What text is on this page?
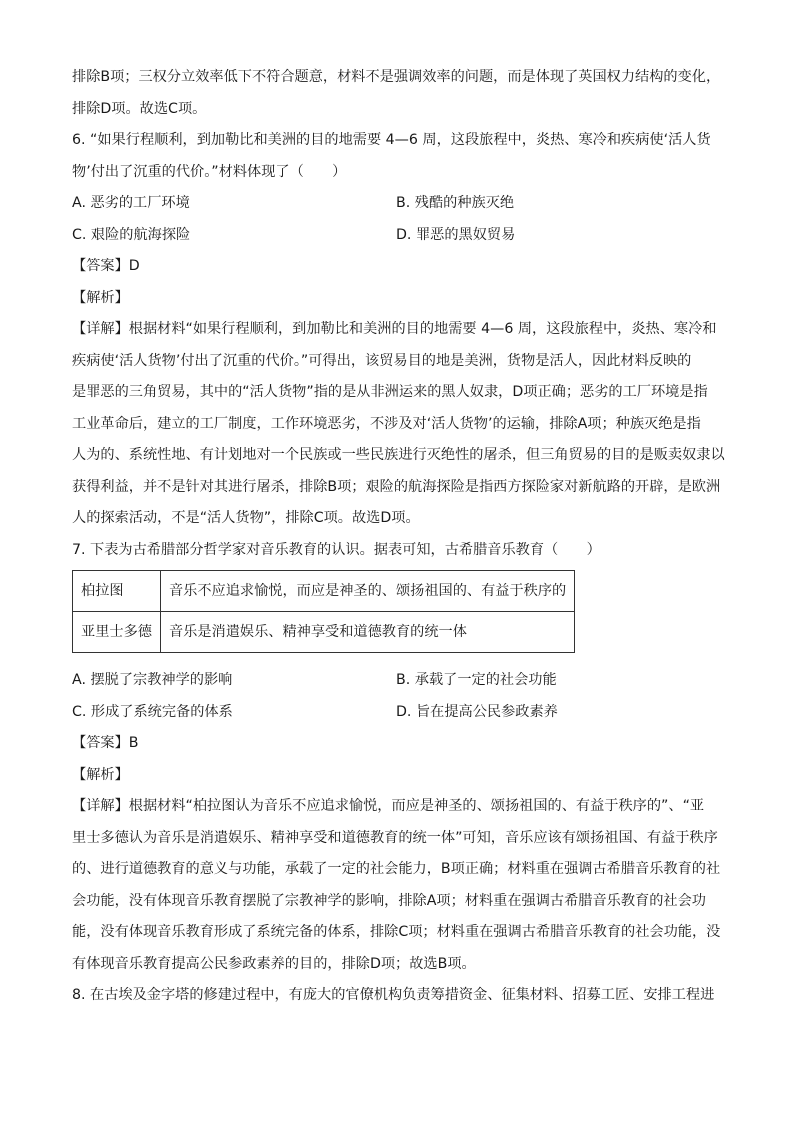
排除B项；三权分立效率低下不符合题意，材料不是强调效率的问题，而是体现了英国权力结构的变化，

排除D项。故选C项。

6. “如果行程顺利，到加勒比和美洲的目的地需要 4—6 周，这段旅程中，炎热、寒冷和疾病使‘活人货

物’付出了沉重的代价。”材料体现了（　　）

A. 恶劣的工厂环境	B. 残酷的种族灭绝
C. 艰险的航海探险	D. 罪恶的黑奴贸易

【答案】D

【解析】

【详解】根据材料“如果行程顺利，到加勒比和美洲的目的地需要 4—6 周，这段旅程中，炎热、寒冷和

疾病使‘活人货物’付出了沉重的代价。”可得出，该贸易目的地是美洲，货物是活人，因此材料反映的

是罪恶的三角贸易，其中的“活人货物”指的是从非洲运来的黑人奴隶，D项正确；恶劣的工厂环境是指

工业革命后，建立的工厂制度，工作环境恶劣，不涉及对‘活人货物’的运输，排除A项；种族灭绝是指

人为的、系统性地、有计划地对一个民族或一些民族进行灭绝性的屠杀，但三角贸易的目的是贩卖奴隶以

获得利益，并不是针对其进行屠杀，排除B项；艰险的航海探险是指西方探险家对新航路的开辟，是欧洲

人的探索活动，不是“活人货物”，排除C项。故选D项。

7. 下表为古希腊部分哲学家对音乐教育的认识。据表可知，古希腊音乐教育（　　）

柏拉图	音乐不应追求愉悦，而应是神圣的、颂扬祖国的、有益于秩序的
亚里士多德	音乐是消遣娱乐、精神享受和道德教育的统一体
A. 摆脱了宗教神学的影响	B. 承载了一定的社会功能
C. 形成了系统完备的体系	D. 旨在提高公民参政素养

【答案】B

【解析】

【详解】根据材料“柏拉图认为音乐不应追求愉悦，而应是神圣的、颂扬祖国的、有益于秩序的”、“亚

里士多德认为音乐是消遣娱乐、精神享受和道德教育的统一体”可知，音乐应该有颂扬祖国、有益于秩序

的、进行道德教育的意义与功能，承载了一定的社会能力，B项正确；材料重在强调古希腊音乐教育的社

会功能，没有体现音乐教育摆脱了宗教神学的影响，排除A项；材料重在强调古希腊音乐教育的社会功

能，没有体现音乐教育形成了系统完备的体系，排除C项；材料重在强调古希腊音乐教育的社会功能，没

有体现音乐教育提高公民参政素养的目的，排除D项；故选B项。

8. 在古埃及金字塔的修建过程中，有庞大的官僚机构负责筹措资金、征集材料、招募工匠、安排工程进
